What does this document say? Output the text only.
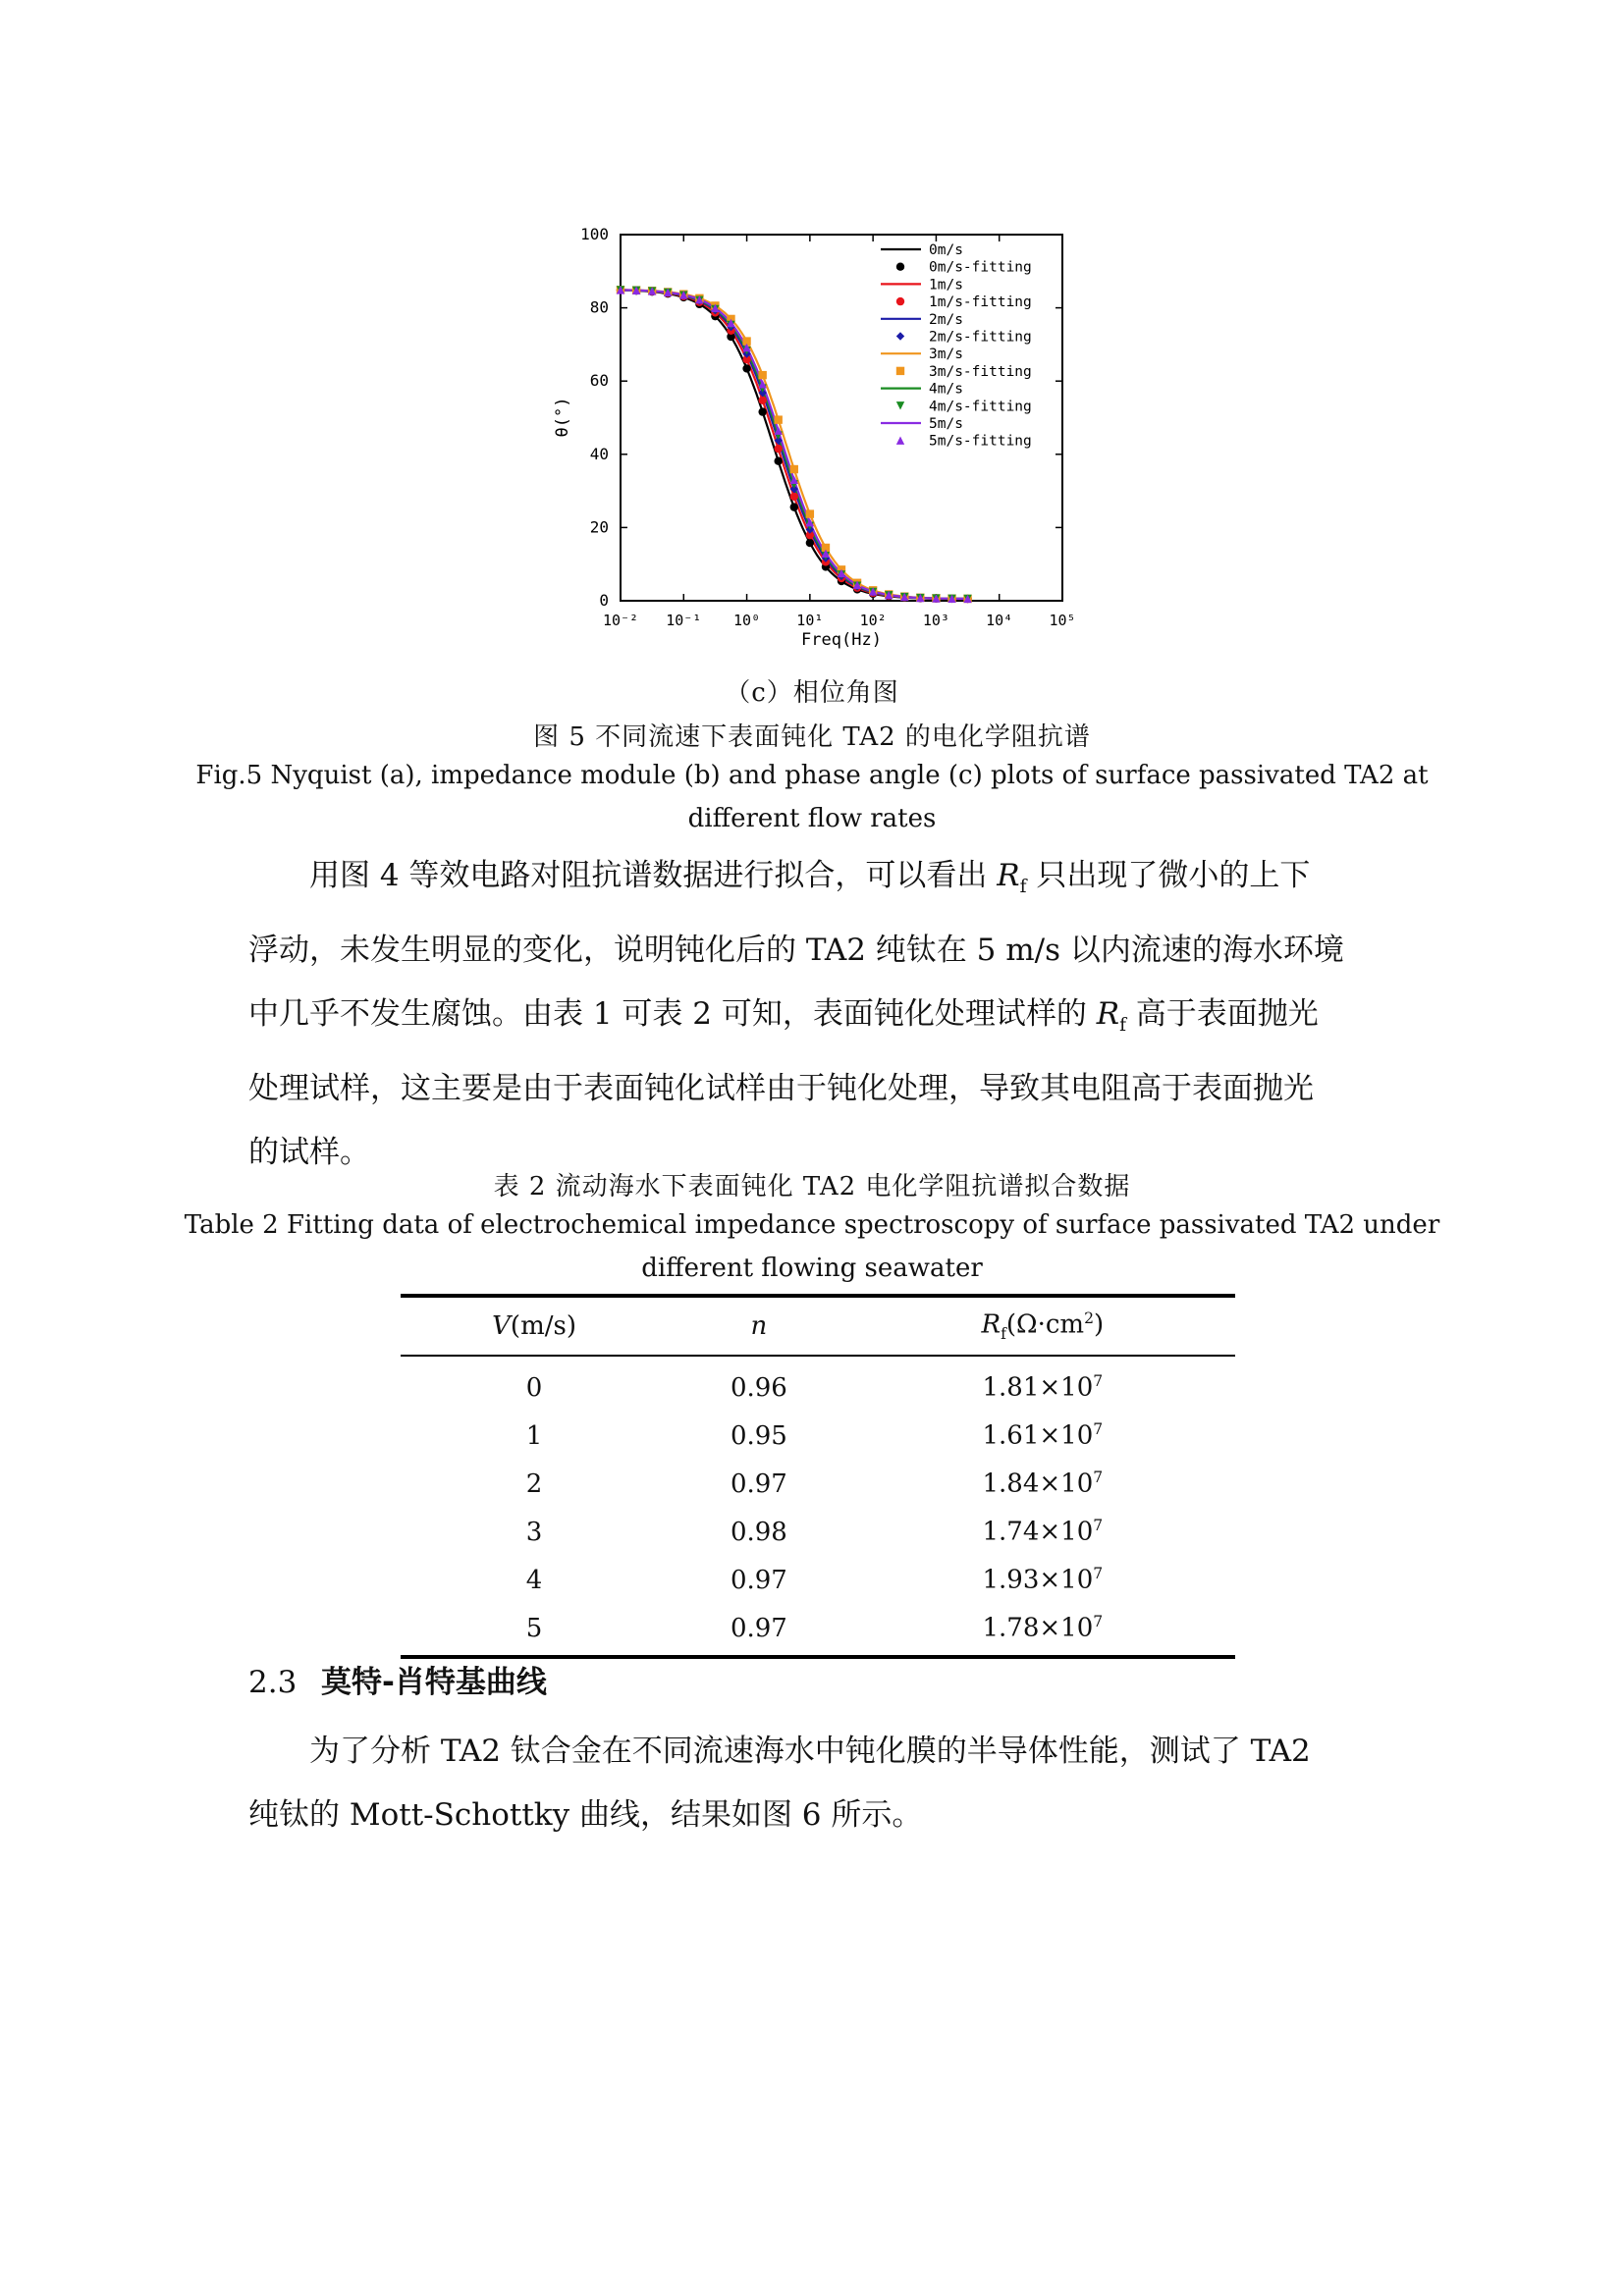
0
20
40
60
80
100
10⁻² 10⁻¹ 10⁰ 10¹ 10² 10³ 10⁴ 10⁵
0m/s
0m/s-fitting
1m/s
1m/s-fitting
2m/s
2m/s-fitting
3m/s
3m/s-fitting
4m/s
4m/s-fitting
5m/s
5m/s-fitting
θ(°)
Freq(Hz)
（c）相位角图
图 5 不同流速下表面钝化 TA2 的电化学阻抗谱
Fig.5 Nyquist (a), impedance module (b) and phase angle (c) plots of surface passivated TA2 at
different flow rates
用图 4 等效电路对阻抗谱数据进行拟合，可以看出 $R_f$ 只出现了微小的上下
浮动，未发生明显的变化，说明钝化后的 TA2 纯钛在 5 m/s 以内流速的海水环境
中几乎不发生腐蚀。由表 1 可表 2 可知，表面钝化处理试样的 $R_f$ 高于表面抛光
处理试样，这主要是由于表面钝化试样由于钝化处理，导致其电阻高于表面抛光
的试样。
表 2 流动海水下表面钝化 TA2 电化学阻抗谱拟合数据
Table 2 Fitting data of electrochemical impedance spectroscopy of surface passivated TA2 under
different flowing seawater
V(m/s)	n	$R_f(\Omega\cdot cm^2)$
0	0.96	$1.81\times 10^7$
1	0.95	$1.61\times 10^7$
2	0.97	$1.84\times 10^7$
3	0.98	$1.74\times 10^7$
4	0.97	$1.93\times 10^7$
5	0.97	$1.78\times 10^7$
2.3 莫特-肖特基曲线
为了分析 TA2 钛合金在不同流速海水中钝化膜的半导体性能，测试了 TA2
纯钛的 Mott-Schottky 曲线，结果如图 6 所示。
